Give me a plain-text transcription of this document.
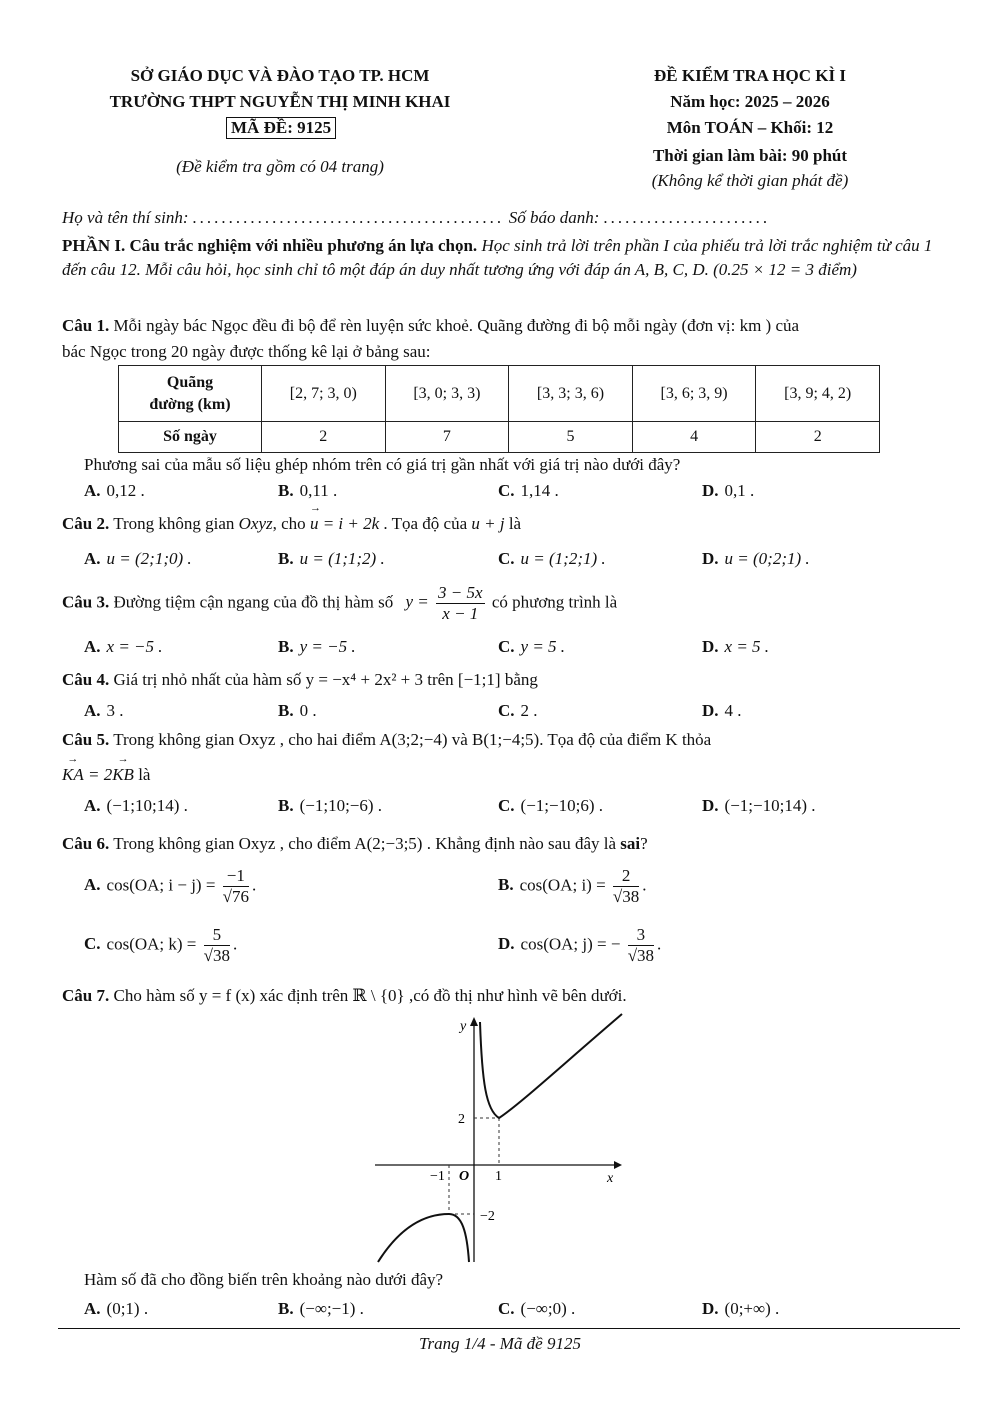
SỞ GIÁO DỤC VÀ ĐÀO TẠO TP. HCM
TRƯỜNG THPT NGUYỄN THỊ MINH KHAI
MÃ ĐỀ: 9125
(Đề kiểm tra gồm có 04 trang)
ĐỀ KIỂM TRA HỌC KÌ I
Năm học: 2025 – 2026
Môn TOÁN – Khối: 12
Thời gian làm bài: 90 phút
(Không kể thời gian phát đề)
Họ và tên thí sinh: ........................................... Số báo danh: .......................
PHẦN I. Câu trắc nghiệm với nhiều phương án lựa chọn. Học sinh trả lời trên phần I của phiếu trả lời trắc nghiệm từ câu 1 đến câu 12. Mỗi câu hỏi, học sinh chỉ tô một đáp án duy nhất tương ứng với đáp án A, B, C, D. (0.25 × 12 = 3 điểm)
Câu 1. Mỗi ngày bác Ngọc đều đi bộ để rèn luyện sức khoẻ. Quãng đường đi bộ mỗi ngày (đơn vị: km ) của
bác Ngọc trong 20 ngày được thống kê lại ở bảng sau:
Quãng
đường (km)	[2, 7; 3, 0)	[3, 0; 3, 3)	[3, 3; 3, 6)	[3, 6; 3, 9)	[3, 9; 4, 2)
Số ngày	2	7	5	4	2
Phương sai của mẫu số liệu ghép nhóm trên có giá trị gần nhất với giá trị nào dưới đây?
A. 0,12 .	B. 0,11 .	C. 1,14 .	D. 0,1 .
Câu 2. Trong không gian Oxyz, cho → u = i + 2k . Tọa độ của u + j là
A. u = (2;1;0) .	B. u = (1;1;2) .	C. u = (1;2;1) .	D. u = (0;2;1) .
Câu 3. Đường tiệm cận ngang của đồ thị hàm số $y = \frac{3 - 5x}{x - 1}$ có phương trình là
A. x = −5 .	B. y = −5 .	C. y = 5 .	D. x = 5 .
Câu 4. Giá trị nhỏ nhất của hàm số y = −x⁴ + 2x² + 3 trên [−1;1] bằng
A. 3 .	B. 0 .	C. 2 .	D. 4 .
Câu 5. Trong không gian Oxyz , cho hai điểm A(3;2;−4) và B(1;−4;5). Tọa độ của điểm K thỏa
→ KA = 2→ KB là
A. (−1;10;14) .	B. (−1;10;−6) .	C. (−1;−10;6) .	D. (−1;−10;14) .
Câu 6. Trong không gian Oxyz , cho điểm A(2;−3;5) . Khẳng định nào sau đây là sai?
A. cos(OA; $i - j) = \frac{-1}{√76}$ .	B. cos(OA; $i) = \frac{2}{√38}$ .
C. cos(OA; $k) = \frac{5}{√38}$ .	D. cos(OA; j) = − $\frac{3}{√38}$ .
Câu 7. Cho hàm số y = f (x) xác định trên ℝ \ {0} ,có đồ thị như hình vẽ bên dưới.
y
x
O
2
−2
1
−1
Hàm số đã cho đồng biến trên khoảng nào dưới đây?
A. (0;1) .	B. (−∞;−1) .	C. (−∞;0) .	D. (0;+∞) .
Trang 1/4 - Mã đề 9125
